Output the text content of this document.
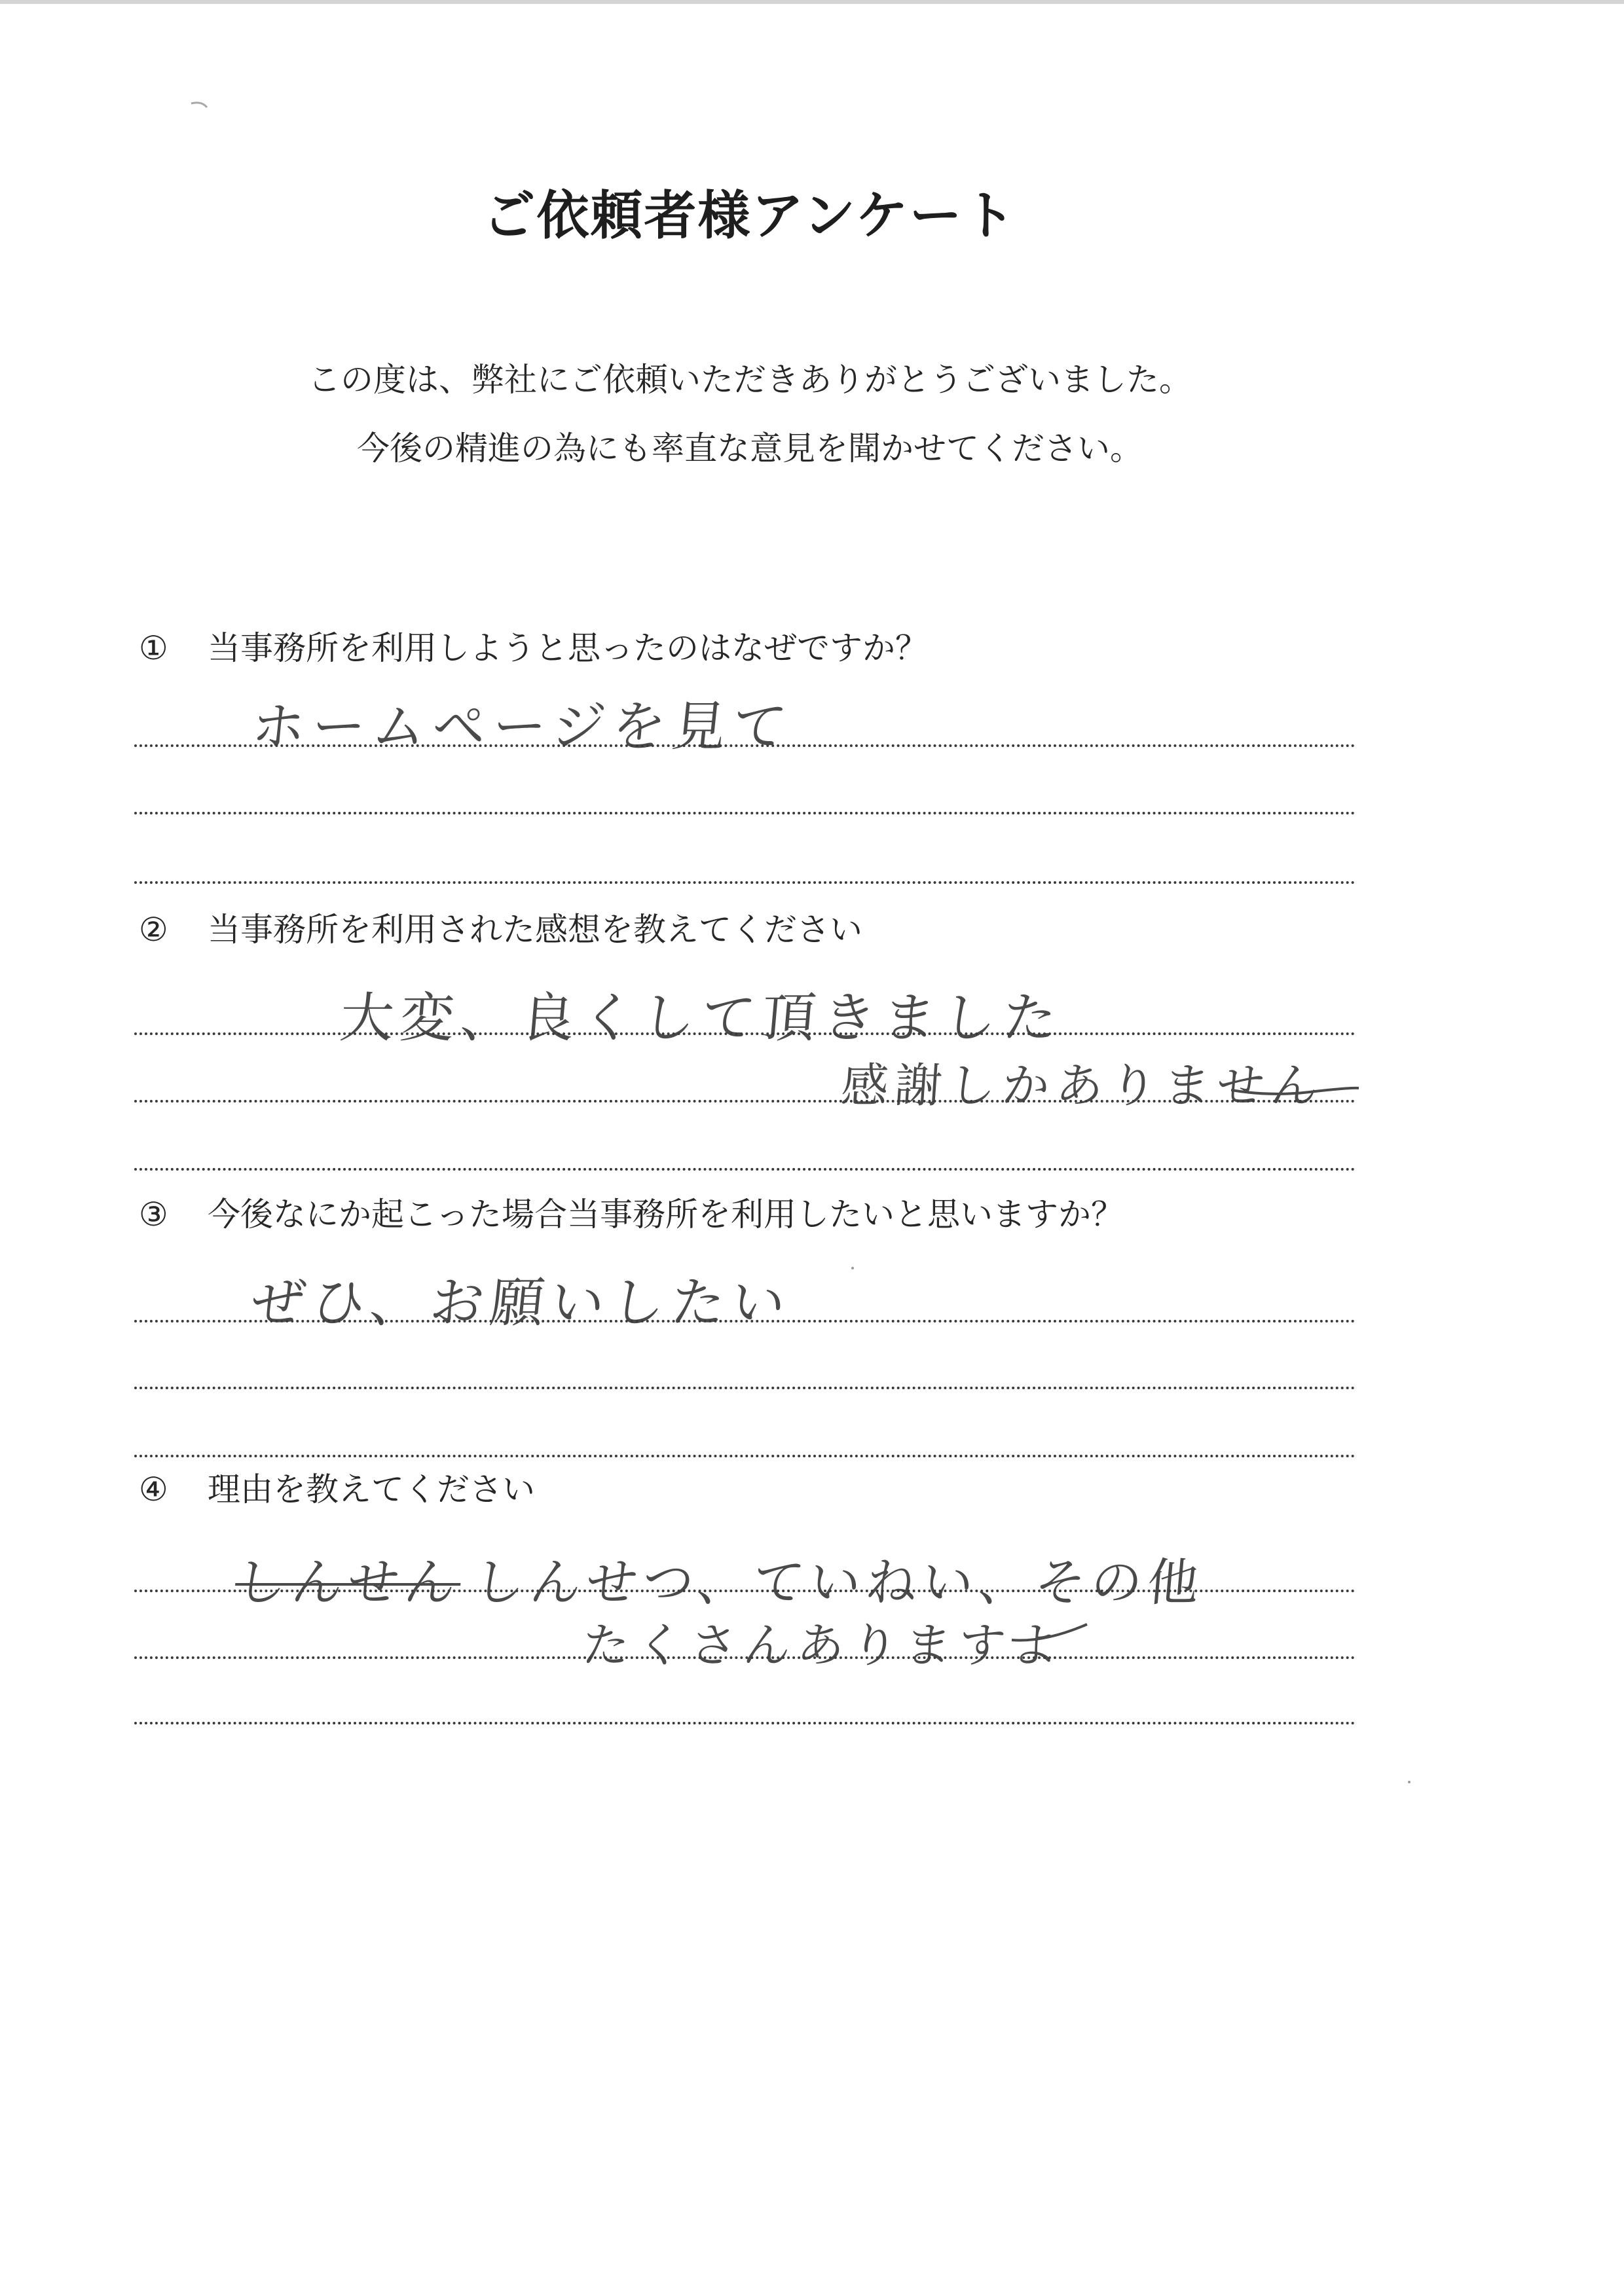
ご依頼者様アンケート
この度は、弊社にご依頼いただきありがとうございました。
今後の精進の為にも率直な意見を聞かせてください。
① 当事務所を利用しようと思ったのはなぜですか？
ホームページを見て
② 当事務所を利用された感想を教えてください
大変、良くして頂きました
感謝しかありません
③ 今後なにか起こった場合当事務所を利用したいと思いますか？
ぜひ、お願いしたい
④ 理由を教えてください
しんせん しんせつ、ていねい、その他
たくさんありますよ
